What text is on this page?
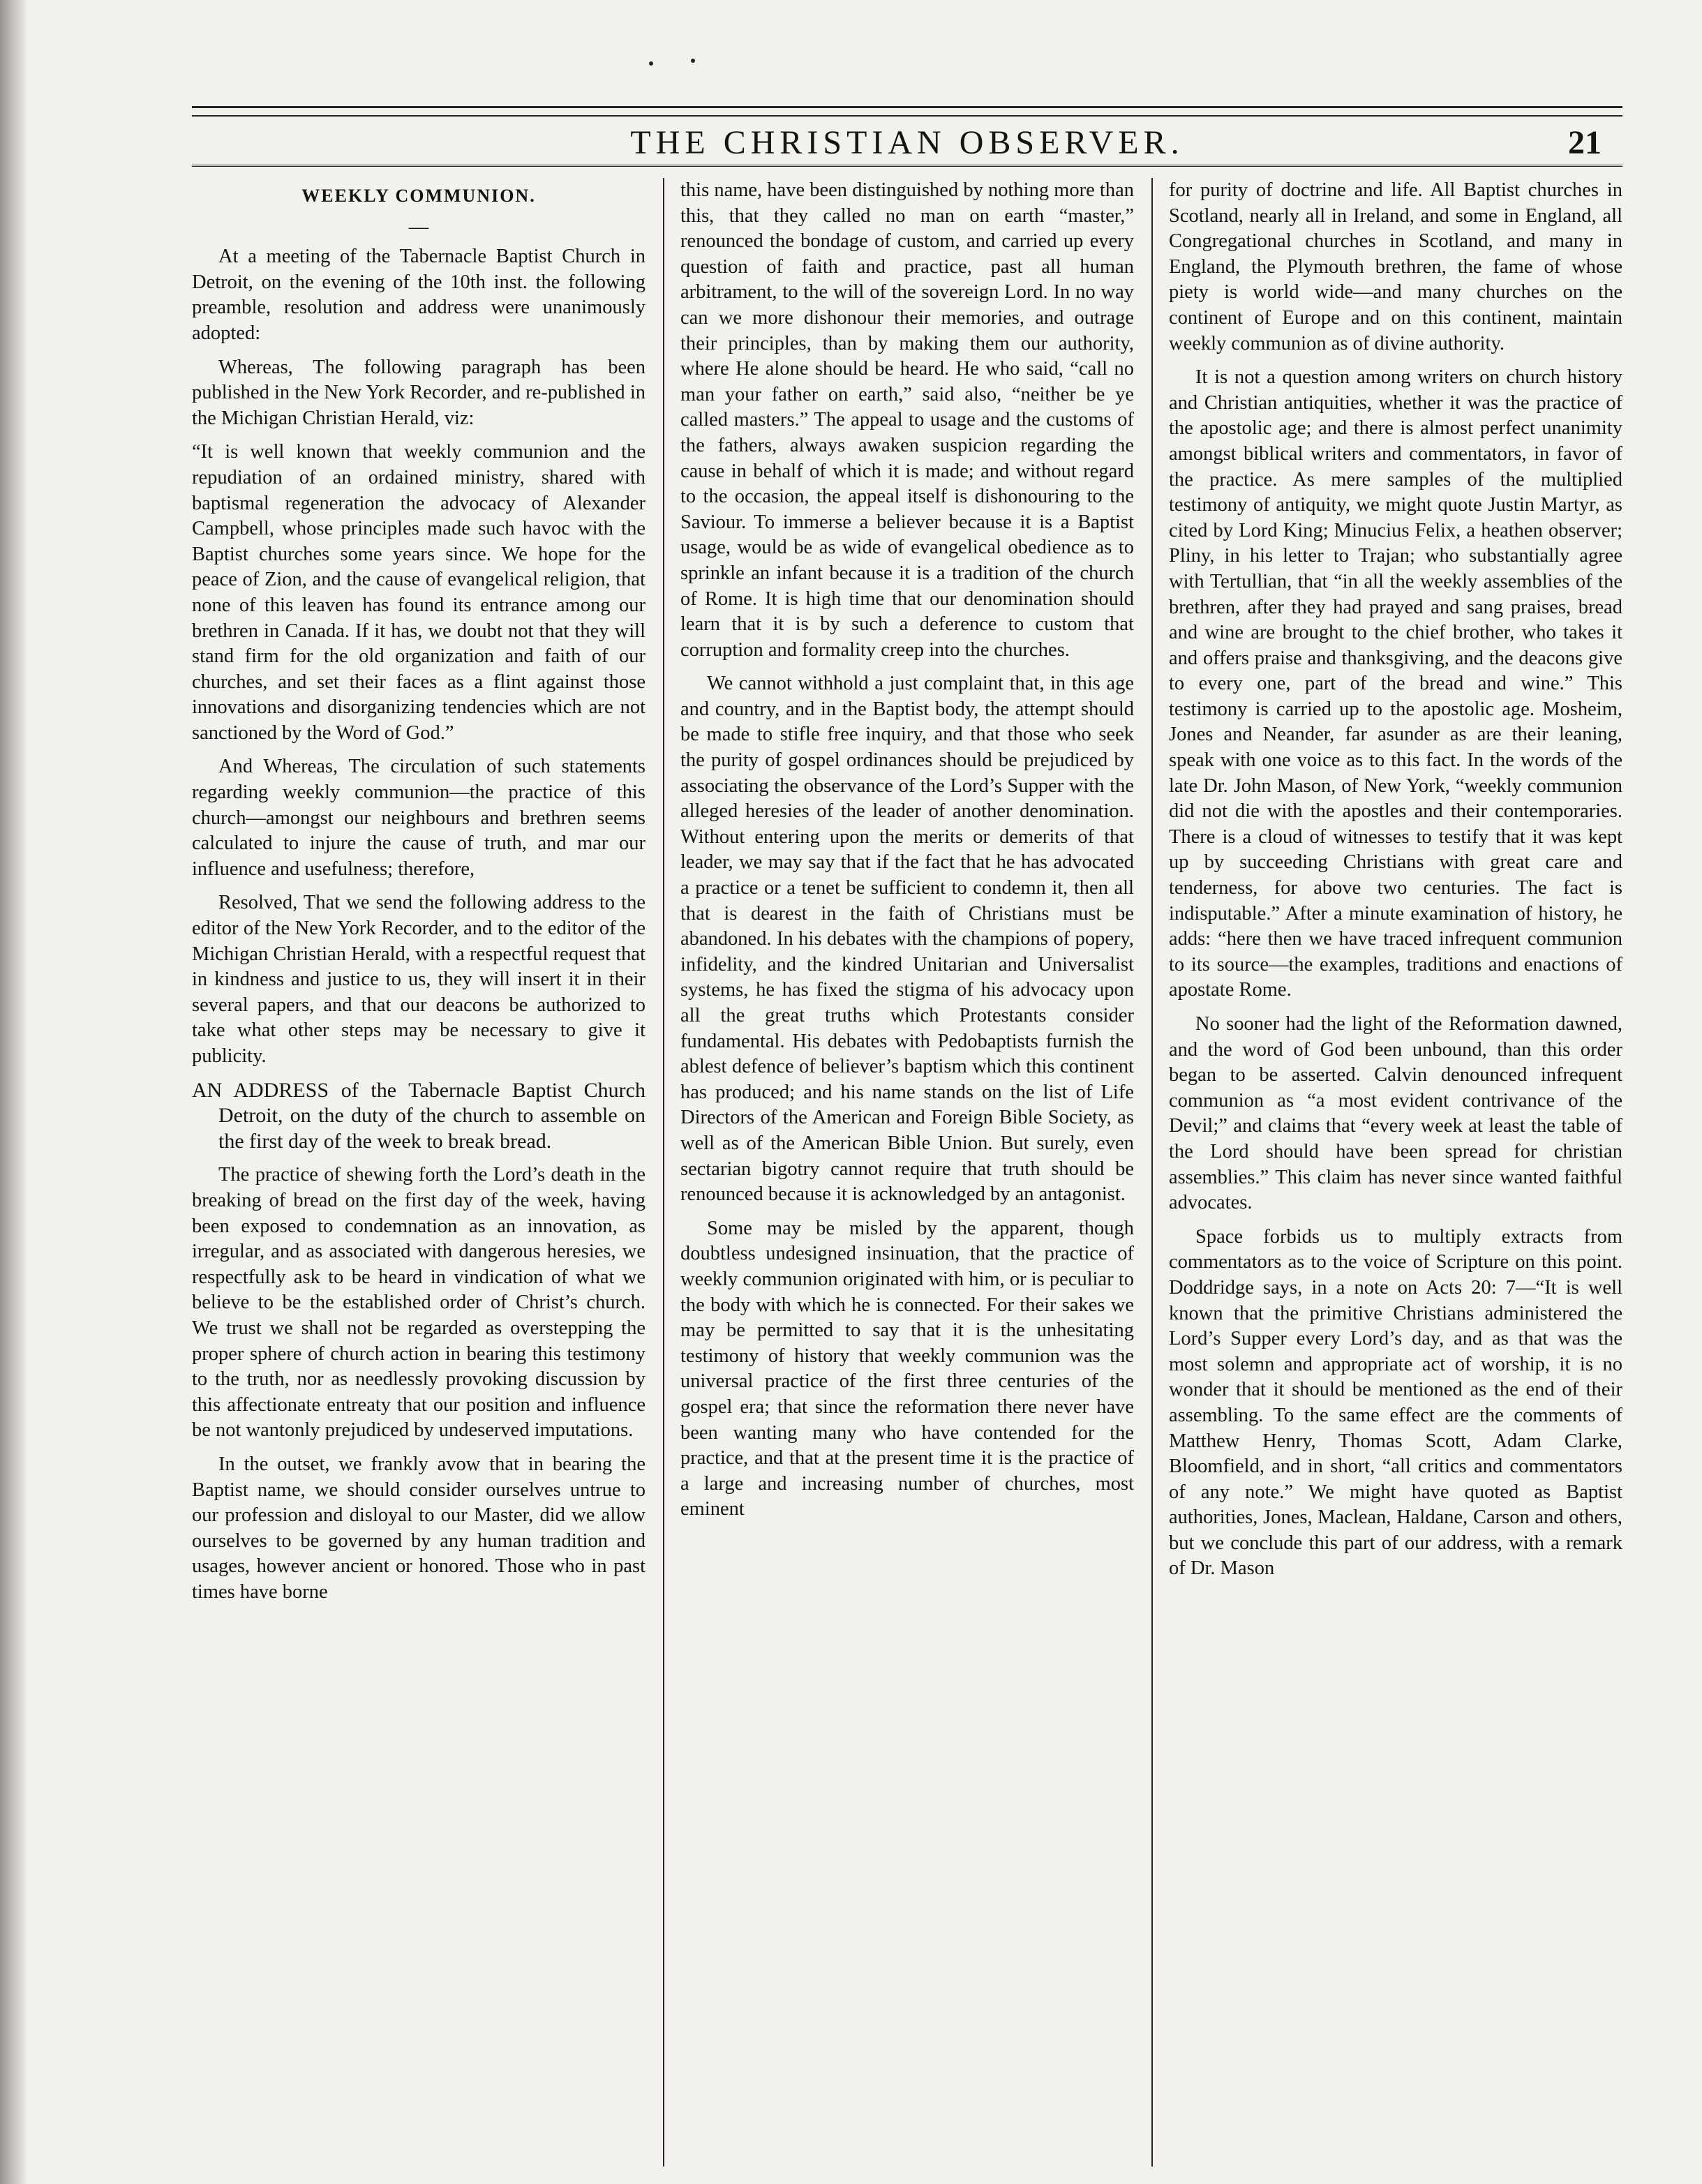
THE CHRISTIAN OBSERVER.	21
WEEKLY COMMUNION.
—

At a meeting of the Tabernacle Baptist Church in Detroit, on the evening of the 10th inst. the following preamble, resolution and address were unanimously adopted:

Whereas, The following paragraph has been published in the New York Recorder, and re-published in the Michigan Christian Herald, viz:

“It is well known that weekly communion and the repudiation of an ordained ministry, shared with baptismal regeneration the advocacy of Alexander Campbell, whose principles made such havoc with the Baptist churches some years since. We hope for the peace of Zion, and the cause of evangelical religion, that none of this leaven has found its entrance among our brethren in Canada. If it has, we doubt not that they will stand firm for the old organization and faith of our churches, and set their faces as a flint against those innovations and disorganizing tendencies which are not sanctioned by the Word of God.”

And Whereas, The circulation of such statements regarding weekly communion—the practice of this church—amongst our neighbours and brethren seems calculated to injure the cause of truth, and mar our influence and usefulness; therefore,

Resolved, That we send the following address to the editor of the New York Recorder, and to the editor of the Michigan Christian Herald, with a respectful request that in kindness and justice to us, they will insert it in their several papers, and that our deacons be authorized to take what other steps may be necessary to give it publicity.

AN ADDRESS of the Tabernacle Baptist Church Detroit, on the duty of the church to assemble on the first day of the week to break bread.

The practice of shewing forth the Lord’s death in the breaking of bread on the first day of the week, having been exposed to condemnation as an innovation, as irregular, and as associated with dangerous heresies, we respectfully ask to be heard in vindication of what we believe to be the established order of Christ’s church. We trust we shall not be regarded as overstepping the proper sphere of church action in bearing this testimony to the truth, nor as needlessly provoking discussion by this affectionate entreaty that our position and influence be not wantonly prejudiced by undeserved imputations.

In the outset, we frankly avow that in bearing the Baptist name, we should consider ourselves untrue to our profession and disloyal to our Master, did we allow ourselves to be governed by any human tradition and usages, however ancient or honored. Those who in past times have borne

this name, have been distinguished by nothing more than this, that they called no man on earth “master,” renounced the bondage of custom, and carried up every question of faith and practice, past all human arbitrament, to the will of the sovereign Lord. In no way can we more dishonour their memories, and outrage their principles, than by making them our authority, where He alone should be heard. He who said, “call no man your father on earth,” said also, “neither be ye called masters.” The appeal to usage and the customs of the fathers, always awaken suspicion regarding the cause in behalf of which it is made; and without regard to the occasion, the appeal itself is dishonouring to the Saviour. To immerse a believer because it is a Baptist usage, would be as wide of evangelical obedience as to sprinkle an infant because it is a tradition of the church of Rome. It is high time that our denomination should learn that it is by such a deference to custom that corruption and formality creep into the churches.

We cannot withhold a just complaint that, in this age and country, and in the Baptist body, the attempt should be made to stifle free inquiry, and that those who seek the purity of gospel ordinances should be prejudiced by associating the observance of the Lord’s Supper with the alleged heresies of the leader of another denomination. Without entering upon the merits or demerits of that leader, we may say that if the fact that he has advocated a practice or a tenet be sufficient to condemn it, then all that is dearest in the faith of Christians must be abandoned. In his debates with the champions of popery, infidelity, and the kindred Unitarian and Universalist systems, he has fixed the stigma of his advocacy upon all the great truths which Protestants consider fundamental. His debates with Pedobaptists furnish the ablest defence of believer’s baptism which this continent has produced; and his name stands on the list of Life Directors of the American and Foreign Bible Society, as well as of the American Bible Union. But surely, even sectarian bigotry cannot require that truth should be renounced because it is acknowledged by an antagonist.

Some may be misled by the apparent, though doubtless undesigned insinuation, that the practice of weekly communion originated with him, or is peculiar to the body with which he is connected. For their sakes we may be permitted to say that it is the unhesitating testimony of history that weekly communion was the universal practice of the first three centuries of the gospel era; that since the reformation there never have been wanting many who have contended for the practice, and that at the present time it is the practice of a large and increasing number of churches, most eminent

for purity of doctrine and life. All Baptist churches in Scotland, nearly all in Ireland, and some in England, all Congregational churches in Scotland, and many in England, the Plymouth brethren, the fame of whose piety is world wide—and many churches on the continent of Europe and on this continent, maintain weekly communion as of divine authority.

It is not a question among writers on church history and Christian antiquities, whether it was the practice of the apostolic age; and there is almost perfect unanimity amongst biblical writers and commentators, in favor of the practice. As mere samples of the multiplied testimony of antiquity, we might quote Justin Martyr, as cited by Lord King; Minucius Felix, a heathen observer; Pliny, in his letter to Trajan; who substantially agree with Tertullian, that “in all the weekly assemblies of the brethren, after they had prayed and sang praises, bread and wine are brought to the chief brother, who takes it and offers praise and thanksgiving, and the deacons give to every one, part of the bread and wine.” This testimony is carried up to the apostolic age. Mosheim, Jones and Neander, far asunder as are their leaning, speak with one voice as to this fact. In the words of the late Dr. John Mason, of New York, “weekly communion did not die with the apostles and their contemporaries. There is a cloud of witnesses to testify that it was kept up by succeeding Christians with great care and tenderness, for above two centuries. The fact is indisputable.” After a minute examination of history, he adds: “here then we have traced infrequent communion to its source—the examples, traditions and enactions of apostate Rome.

No sooner had the light of the Reformation dawned, and the word of God been unbound, than this order began to be asserted. Calvin denounced infrequent communion as “a most evident contrivance of the Devil;” and claims that “every week at least the table of the Lord should have been spread for christian assemblies.” This claim has never since wanted faithful advocates.

Space forbids us to multiply extracts from commentators as to the voice of Scripture on this point. Doddridge says, in a note on Acts 20: 7—“It is well known that the primitive Christians administered the Lord’s Supper every Lord’s day, and as that was the most solemn and appropriate act of worship, it is no wonder that it should be mentioned as the end of their assembling. To the same effect are the comments of Matthew Henry, Thomas Scott, Adam Clarke, Bloomfield, and in short, “all critics and commentators of any note.” We might have quoted as Baptist authorities, Jones, Maclean, Haldane, Carson and others, but we conclude this part of our address, with a remark of Dr. Mason
